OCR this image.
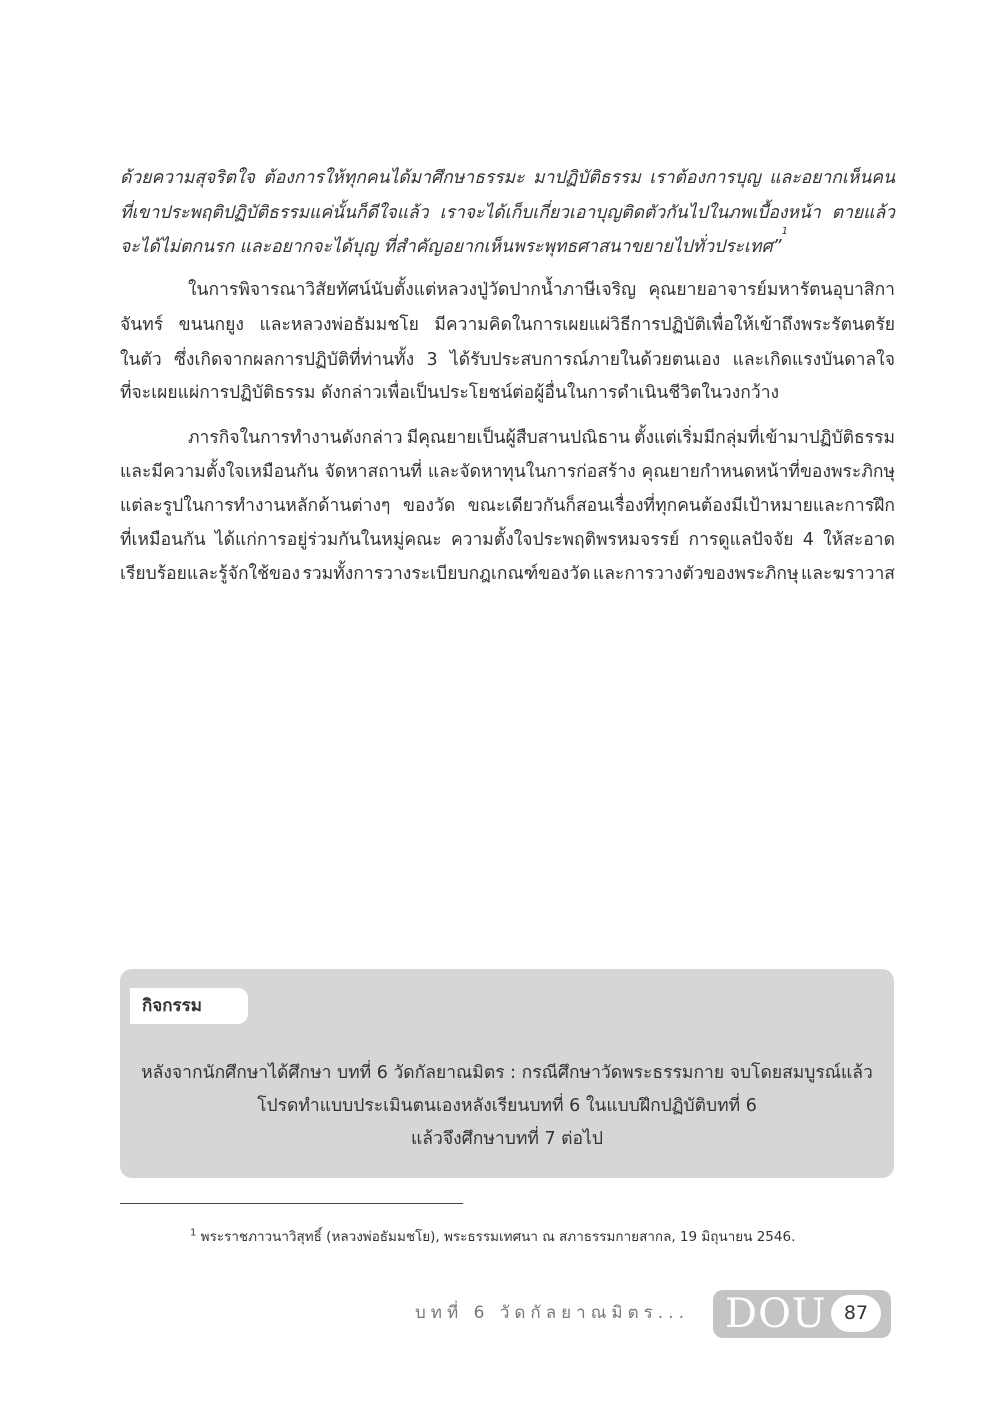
ด้วยความสุจริตใจ ต้องการให้ทุกคนได้มาศึกษาธรรมะ มาปฏิบัติธรรม เราต้องการบุญ และอยากเห็นคน
ที่เขาประพฤติปฏิบัติธรรมแค่นั้นก็ดีใจแล้ว เราจะได้เก็บเกี่ยวเอาบุญติดตัวกันไปในภพเบื้องหน้า ตายแล้ว
จะได้ไม่ตกนรก และอยากจะได้บุญ ที่สำคัญอยากเห็นพระพุทธศาสนาขยายไปทั่วประเทศ”
1
ในการพิจารณาวิสัยทัศน์นับตั้งแต่หลวงปู่วัดปากน้ำภาษีเจริญ คุณยายอาจารย์มหารัตนอุบาสิกา
จันทร์ ขนนกยูง และหลวงพ่อธัมมชโย มีความคิดในการเผยแผ่วิธีการปฏิบัติเพื่อให้เข้าถึงพระรัตนตรัย
ในตัว ซึ่งเกิดจากผลการปฏิบัติที่ท่านทั้ง 3 ได้รับประสบการณ์ภายในด้วยตนเอง และเกิดแรงบันดาลใจ
ที่จะเผยแผ่การปฏิบัติธรรม ดังกล่าวเพื่อเป็นประโยชน์ต่อผู้อื่นในการดำเนินชีวิตในวงกว้าง
ภารกิจในการทำงานดังกล่าว มีคุณยายเป็นผู้สืบสานปณิธาน ตั้งแต่เริ่มมีกลุ่มที่เข้ามาปฏิบัติธรรม
และมีความตั้งใจเหมือนกัน จัดหาสถานที่ และจัดหาทุนในการก่อสร้าง คุณยายกำหนดหน้าที่ของพระภิกษุ
แต่ละรูปในการทำงานหลักด้านต่างๆ ของวัด ขณะเดียวกันก็สอนเรื่องที่ทุกคนต้องมีเป้าหมายและการฝึก
ที่เหมือนกัน ได้แก่การอยู่ร่วมกันในหมู่คณะ ความตั้งใจประพฤติพรหมจรรย์ การดูแลปัจจัย 4 ให้สะอาด
เรียบร้อยและรู้จักใช้ของ รวมทั้งการวางระเบียบกฎเกณฑ์ของวัด และการวางตัวของพระภิกษุ และฆราวาส
กิจกรรม
หลังจากนักศึกษาได้ศึกษา บทที่ 6 วัดกัลยาณมิตร : กรณีศึกษาวัดพระธรรมกาย จบโดยสมบูรณ์แล้ว
โปรดทำแบบประเมินตนเองหลังเรียนบทที่ 6 ในแบบฝึกปฏิบัติบทที่ 6
แล้วจึงศึกษาบทที่ 7 ต่อไป
$^1$ พระราชภาวนาวิสุทธิ์ (หลวงพ่อธัมมชโย), พระธรรมเทศนา ณ สภาธรรมกายสากล, 19 มิถุนายน 2546.
บทที่ 6 วัดกัลยาณมิตร... DOU 87
